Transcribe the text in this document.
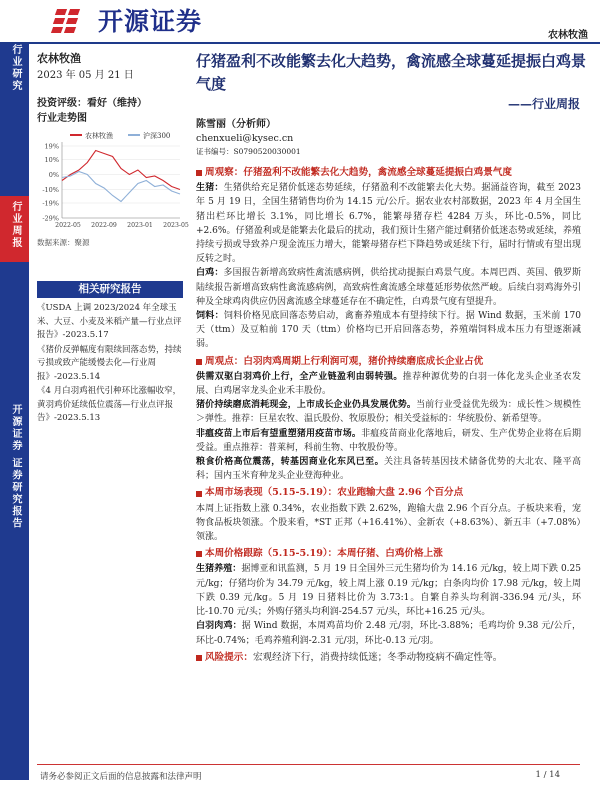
开源证券	农林牧渔
行业研究
行业周报
开源证券 证券研究报告
农林牧渔
2023 年 05 月 21 日
投资评级：看好（维持）
行业走势图
农林牧渔	沪深300
19%
10%
0%
-10%
-19%
-29%
2022-05 2022-09 2023-01 2023-05
数据来源：聚源
相关研究报告

《USDA 上调 2023/2024 年全球玉米、大豆、小麦及米稻产量—行业点评报告》-2023.5.17

《猪价反弹幅度有限续回落态势，持续亏损或致产能缓慢去化—行业周报》-2023.5.14

《4 月白羽鸡祖代引种环比涨幅收窄，黄羽鸡价延续低位震荡—行业点评报告》-2023.5.13

仔猪盈利不改能繁去化大趋势，禽流感全球蔓延提振白鸡景气度
——行业周报
陈雪丽（分析师）
chenxueli@kysec.cn
证书编号：S0790520030001
周观察：仔猪盈利不改能繁去化大趋势，禽流感全球蔓延提振白鸡景气度

生猪：生猪供给充足猪价低迷态势延续，仔猪盈利不改能繁去化大势。据涌益咨询，截至 2023 年 5 月 19 日，全国生猪销售均价为 14.15 元/公斤。据农业农村部数据，2023 年 4 月全国生猪出栏环比增长 3.1%，同比增长 6.7%，能繁母猪存栏 4284 万头，环比-0.5%，同比+2.6%。仔猪盈利或是能繁去化最后的扰动，我们预计生猪产能过剩猪价低迷态势或延续，养殖持续亏损或导致养户现金流压力增大，能繁母猪存栏下降趋势或延续下行，届时行情或有望出现反转之时。

白鸡：多国报告新增高致病性禽流感病例，供给扰动提振白鸡景气度。本周巴西、英国、俄罗斯陆续报告新增高致病性禽流感病例，高致病性禽流感全球蔓延形势依然严峻。后续白羽鸡海外引种及全球鸡肉供应仍因禽流感全球蔓延存在不确定性，白鸡景气度有望提升。

饲料：饲料价格见底回落态势启动，禽畜养殖成本有望持续下行。据 Wind 数据，玉米前 170 天（ttm）及豆粕前 170 天（ttm）价格均已开启回落态势，养殖端饲料成本压力有望逐渐减弱。

周观点：白羽肉鸡周期上行利润可观，猪价持续磨底成长企业占优

供需双驱白羽鸡价上行，全产业链盈利由弱转强。推荐种源优势的白羽一体化龙头企业圣农发展、白鸡屠宰龙头企业禾丰股份。

猪价持续磨底消耗现金，上市成长企业仍具发展优势。当前行业受益优先级为：成长性＞规模性＞弹性。推荐：巨星农牧、温氏股份、牧原股份；相关受益标的：华统股份、新希望等。

非瘟疫苗上市后有望重塑猪用疫苗市场。非瘟疫苗商业化落地后，研发、生产优势企业将在后期受益。重点推荐：普莱柯，科前生物、中牧股份等。

粮食价格高位震荡，转基因商业化东风已至。关注具备转基因技术储备优势的大北农、隆平高科；国内玉米育种龙头企业登海种业。

本周市场表现（5.15-5.19）：农业跑输大盘 2.96 个百分点

本周上证指数上涨 0.34%，农业指数下跌 2.62%，跑输大盘 2.96 个百分点。子板块来看，宠物食品板块领涨。个股来看，*ST 正邦（+16.41%）、金新农（+8.63%）、新五丰（+7.08%）领涨。

本周价格跟踪（5.15-5.19）：本周仔猪、白鸡价格上涨

生猪养殖：据博亚和讯监测，5 月 19 日全国外三元生猪均价为 14.16 元/kg，较上周下跌 0.25 元/kg；仔猪均价为 34.79 元/kg，较上周上涨 0.19 元/kg；白条肉均价 17.98 元/kg，较上周下跌 0.39 元/kg。5 月 19 日猪料比价为 3.73:1。自繁自养头均利润-336.94 元/头，环比-10.70 元/头；外购仔猪头均利润-254.57 元/头，环比+16.25 元/头。

白羽肉鸡：据 Wind 数据，本周鸡苗均价 2.48 元/羽，环比-3.88%；毛鸡均价 9.38 元/公斤，环比-0.74%；毛鸡养殖利润-2.31 元/羽，环比-0.13 元/羽。

风险提示： 宏观经济下行，消费持续低迷；冬季动物疫病不确定性等。
请务必参阅正文后面的信息披露和法律声明	1 / 14
